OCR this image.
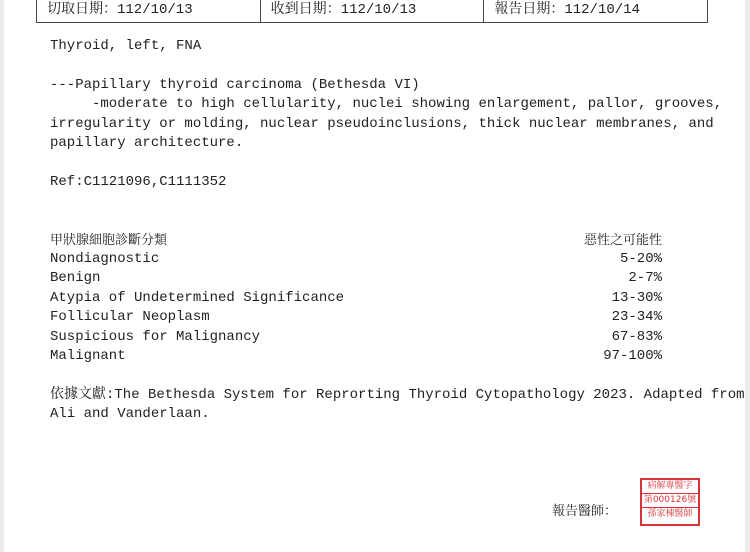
切取日期：112/10/13	收到日期：112/10/13	報告日期：112/10/14
Thyroid, left, FNA
---Papillary thyroid carcinoma (Bethesda VI)
-moderate to high cellularity, nuclei showing enlargement, pallor, grooves,
irregularity or molding, nuclear pseudoinclusions, thick nuclear membranes, and
papillary architecture.
Ref:C1121096,C1111352
甲狀腺細胞診斷分類	惡性之可能性
Nondiagnostic	5-20%
Benign	2-7%
Atypia of Undetermined Significance	13-30%
Follicular Neoplasm	23-34%
Suspicious for Malignancy	67-83%
Malignant	97-100%
依據文獻:The Bethesda System for Reprorting Thyroid Cytopathology 2023. Adapted from
Ali and Vanderlaan.
報告醫師：
病解專醫字
第000126號
孫家棟醫師
